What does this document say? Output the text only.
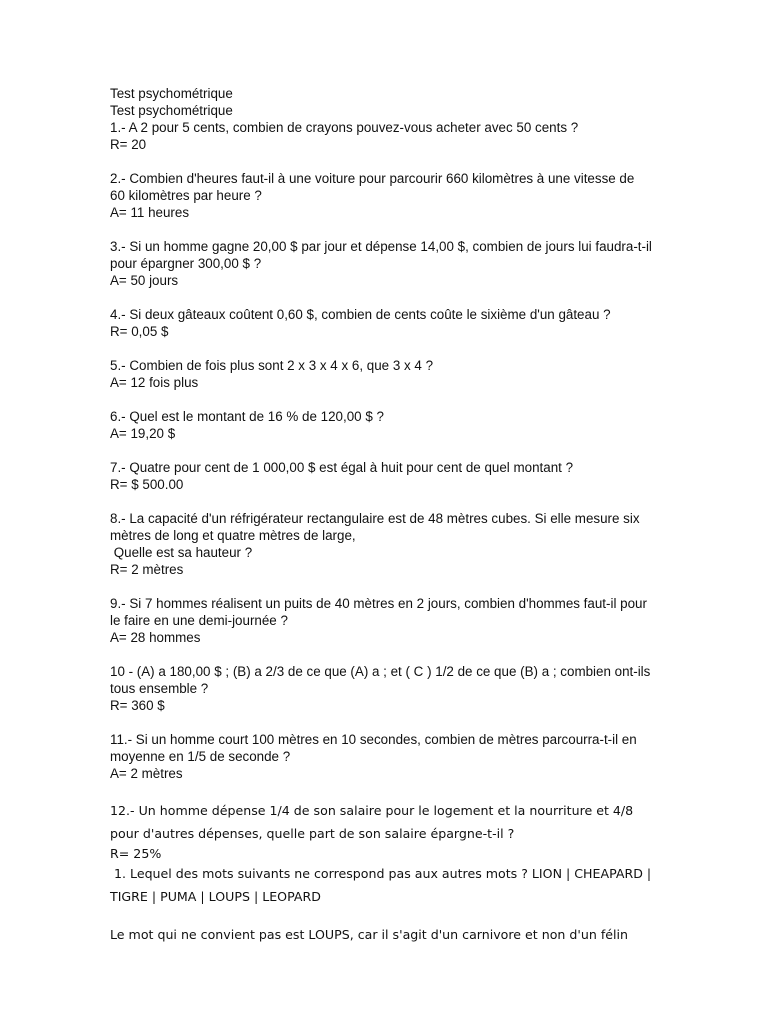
Test psychométrique
Test psychométrique
1.- A 2 pour 5 cents, combien de crayons pouvez-vous acheter avec 50 cents ?
R= 20
2.- Combien d'heures faut-il à une voiture pour parcourir 660 kilomètres à une vitesse de
60 kilomètres par heure ?
A= 11 heures
3.- Si un homme gagne 20,00 $ par jour et dépense 14,00 $, combien de jours lui faudra-t-il
pour épargner 300,00 $ ?
A= 50 jours
4.- Si deux gâteaux coûtent 0,60 $, combien de cents coûte le sixième d'un gâteau ?
R= 0,05 $
5.- Combien de fois plus sont 2 x 3 x 4 x 6, que 3 x 4 ?
A= 12 fois plus
6.- Quel est le montant de 16 % de 120,00 $ ?
A= 19,20 $
7.- Quatre pour cent de 1 000,00 $ est égal à huit pour cent de quel montant ?
R= $ 500.00
8.- La capacité d'un réfrigérateur rectangulaire est de 48 mètres cubes. Si elle mesure six
mètres de long et quatre mètres de large,
Quelle est sa hauteur ?
R= 2 mètres
9.- Si 7 hommes réalisent un puits de 40 mètres en 2 jours, combien d'hommes faut-il pour
le faire en une demi-journée ?
A= 28 hommes
10 - (A) a 180,00 $ ; (B) a 2/3 de ce que (A) a ; et ( C ) 1/2 de ce que (B) a ; combien ont-ils
tous ensemble ?
R= 360 $
11.- Si un homme court 100 mètres en 10 secondes, combien de mètres parcourra-t-il en
moyenne en 1/5 de seconde ?
A= 2 mètres
12.- Un homme dépense 1/4 de son salaire pour le logement et la nourriture et 4/8
pour d'autres dépenses, quelle part de son salaire épargne-t-il ?
R= 25%
1. Lequel des mots suivants ne correspond pas aux autres mots ? LION | CHEAPARD |
TIGRE | PUMA | LOUPS | LEOPARD
Le mot qui ne convient pas est LOUPS, car il s'agit d'un carnivore et non d'un félin
